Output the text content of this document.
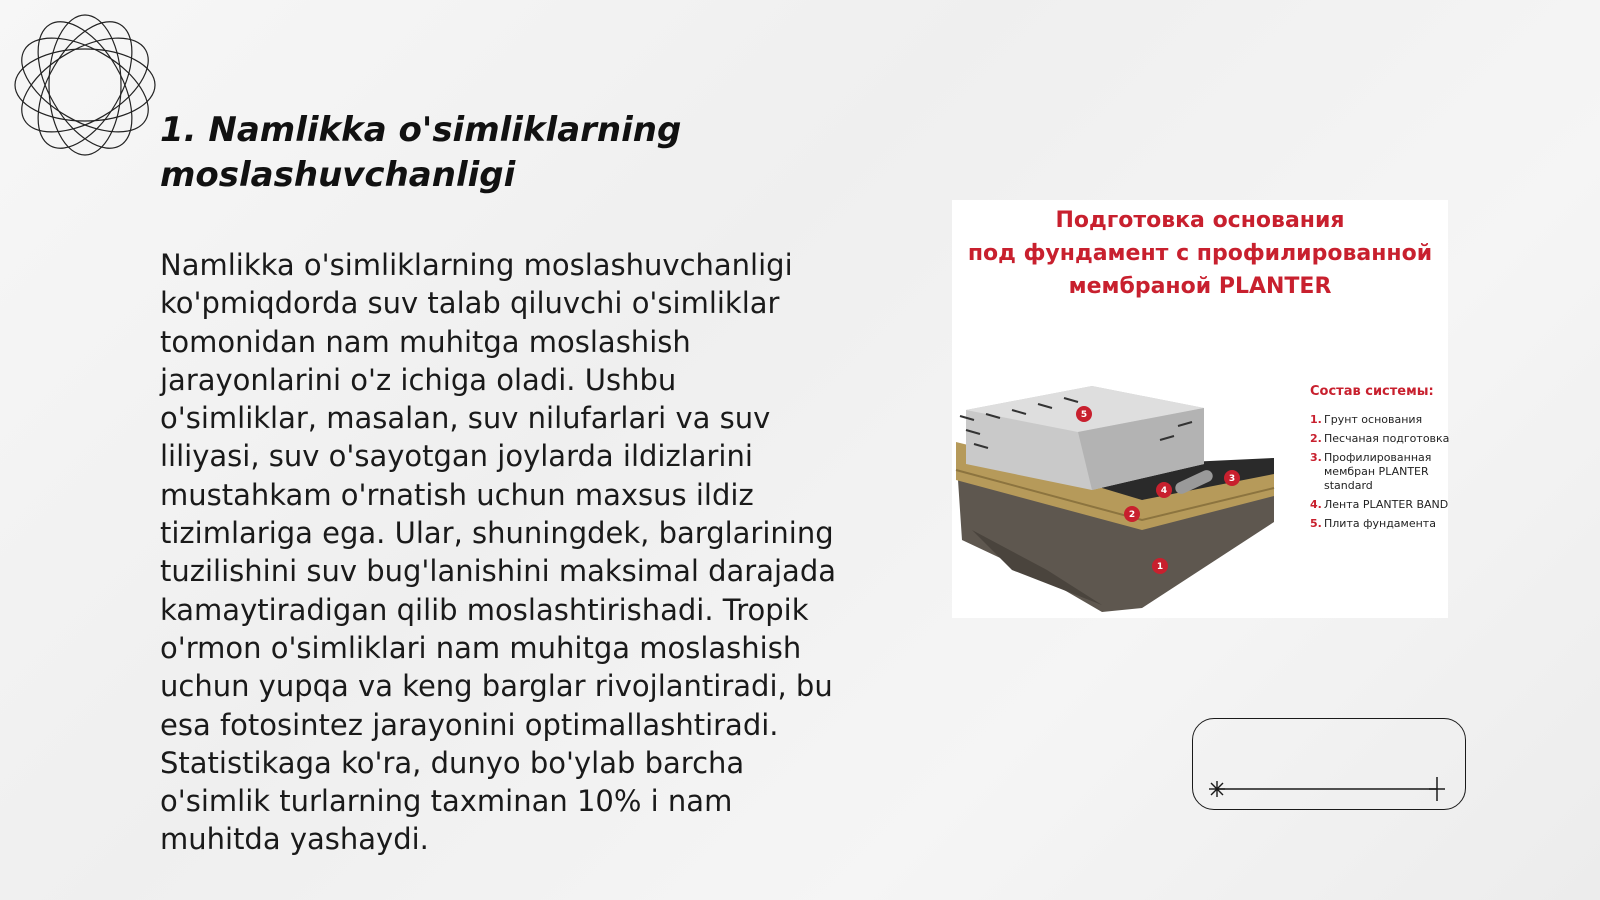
1. Namlikka o'simliklarning
moslashuvchanligi

Namlikka o'simliklarning moslashuvchanligi ko'pmiqdorda suv talab qiluvchi o'simliklar tomonidan nam muhitga moslashish jarayonlarini o'z ichiga oladi. Ushbu o'simliklar, masalan, suv nilufarlari va suv liliyasi, suv o'sayotgan joylarda ildizlarini mustahkam o'rnatish uchun maxsus ildiz tizimlariga ega. Ular, shuningdek, barglarining tuzilishini suv bug'lanishini maksimal darajada kamaytiradigan qilib moslashtirishadi. Tropik o'rmon o'simliklari nam muhitga moslashish uchun yupqa va keng barglar rivojlantiradi, bu esa fotosintez jarayonini optimallashtiradi. Statistikaga ko'ra, dunyo bo'ylab barcha o'simlik turlarning taxminan 10% i nam muhitda yashaydi.

Подготовка основания
под фундамент с профилированной
мембраной PLANTER
5
3
4
2
1
Состав системы:
1. Грунт основания
2. Песчаная подготовка
3. Профилированная мембран PLANTER standard
4. Лента PLANTER BAND
5. Плита фундамента
